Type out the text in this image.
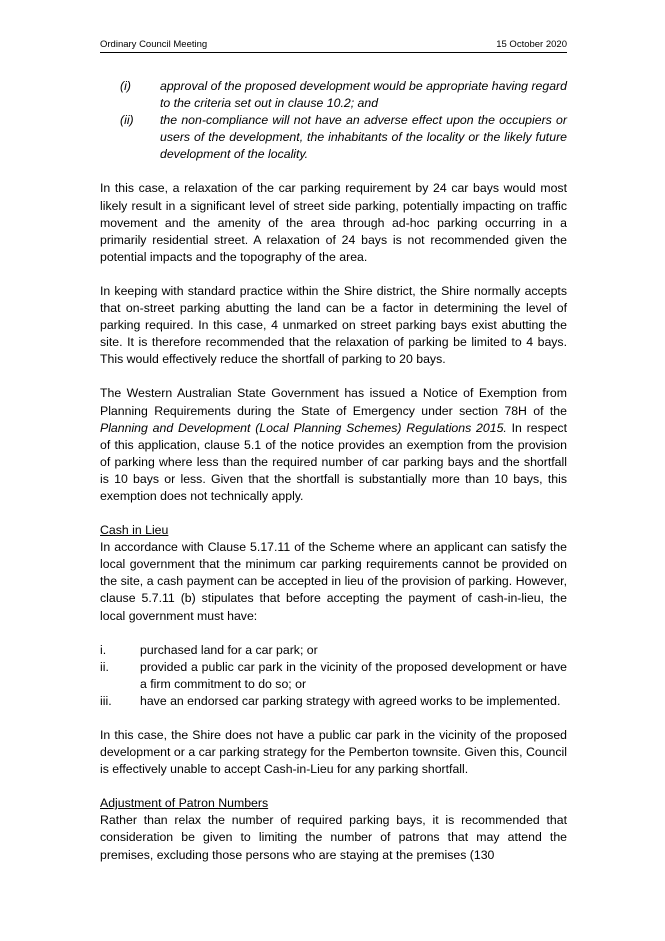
Ordinary Council Meeting	15 October 2020
(i)	approval of the proposed development would be appropriate having regard to the criteria set out in clause 10.2; and
(ii)	the non-compliance will not have an adverse effect upon the occupiers or users of the development, the inhabitants of the locality or the likely future development of the locality.

In this case, a relaxation of the car parking requirement by 24 car bays would most likely result in a significant level of street side parking, potentially impacting on traffic movement and the amenity of the area through ad-hoc parking occurring in a primarily residential street. A relaxation of 24 bays is not recommended given the potential impacts and the topography of the area.

In keeping with standard practice within the Shire district, the Shire normally accepts that on-street parking abutting the land can be a factor in determining the level of parking required. In this case, 4 unmarked on street parking bays exist abutting the site. It is therefore recommended that the relaxation of parking be limited to 4 bays. This would effectively reduce the shortfall of parking to 20 bays.

The Western Australian State Government has issued a Notice of Exemption from Planning Requirements during the State of Emergency under section 78H of the Planning and Development (Local Planning Schemes) Regulations 2015. In respect of this application, clause 5.1 of the notice provides an exemption from the provision of parking where less than the required number of car parking bays and the shortfall is 10 bays or less. Given that the shortfall is substantially more than 10 bays, this exemption does not technically apply.

Cash in Lieu

In accordance with Clause 5.17.11 of the Scheme where an applicant can satisfy the local government that the minimum car parking requirements cannot be provided on the site, a cash payment can be accepted in lieu of the provision of parking. However, clause 5.7.11 (b) stipulates that before accepting the payment of cash-in-lieu, the local government must have:

i.	purchased land for a car park; or
ii.	provided a public car park in the vicinity of the proposed development or have a firm commitment to do so; or
iii.	have an endorsed car parking strategy with agreed works to be implemented.

In this case, the Shire does not have a public car park in the vicinity of the proposed development or a car parking strategy for the Pemberton townsite. Given this, Council is effectively unable to accept Cash-in-Lieu for any parking shortfall.

Adjustment of Patron Numbers

Rather than relax the number of required parking bays, it is recommended that consideration be given to limiting the number of patrons that may attend the premises, excluding those persons who are staying at the premises (130
